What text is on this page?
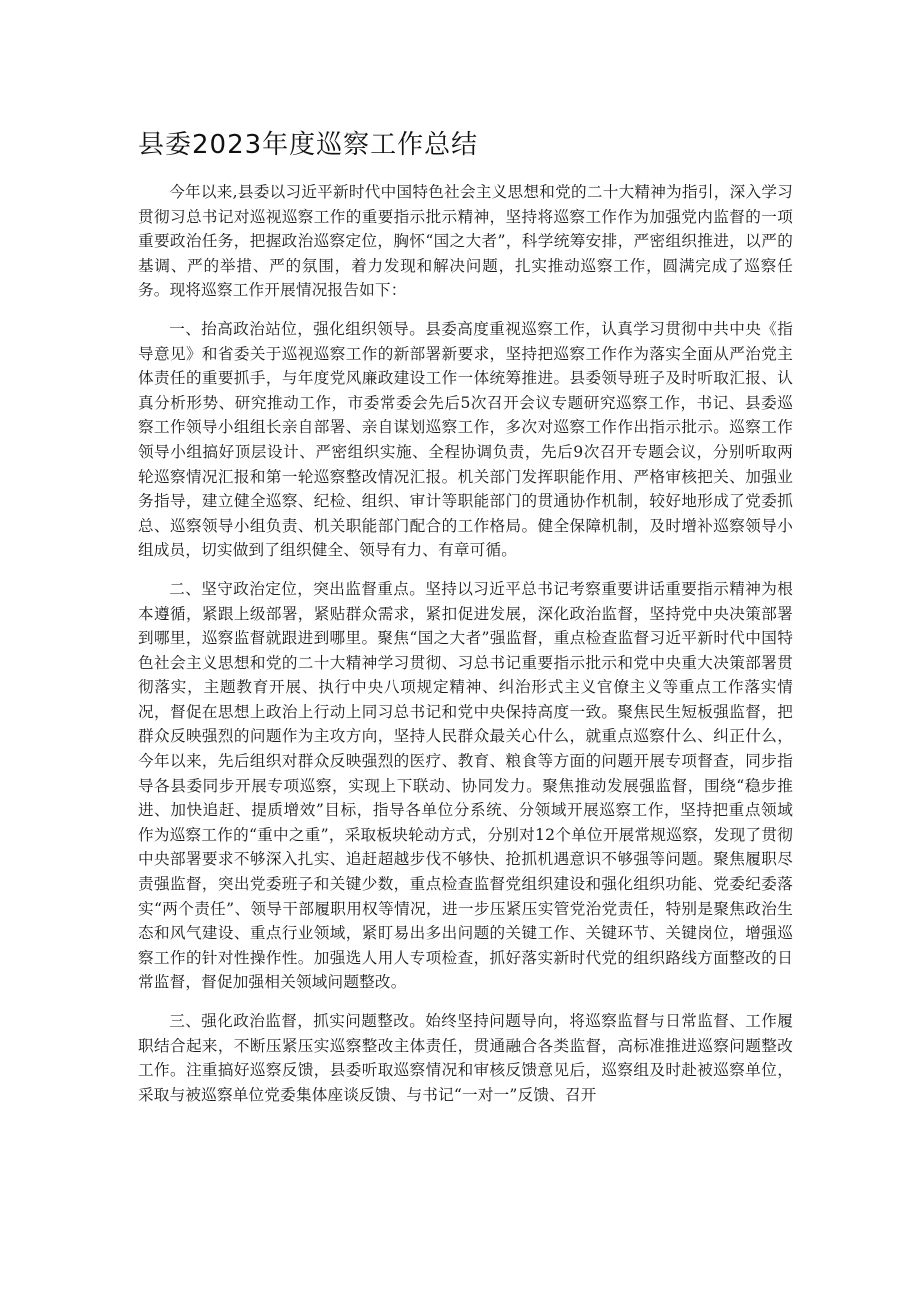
县委2023年度巡察工作总结

今年以来,县委以习近平新时代中国特色社会主义思想和党的二十大精神为指引，深入学习贯彻习总书记对巡视巡察工作的重要指示批示精神，坚持将巡察工作作为加强党内监督的一项重要政治任务，把握政治巡察定位，胸怀“国之大者”，科学统筹安排，严密组织推进，以严的基调、严的举措、严的氛围，着力发现和解决问题，扎实推动巡察工作，圆满完成了巡察任务。现将巡察工作开展情况报告如下：

一、抬高政治站位，强化组织领导。县委高度重视巡察工作，认真学习贯彻中共中央《指导意见》和省委关于巡视巡察工作的新部署新要求，坚持把巡察工作作为落实全面从严治党主体责任的重要抓手，与年度党风廉政建设工作一体统筹推进。县委领导班子及时听取汇报、认真分析形势、研究推动工作，市委常委会先后5次召开会议专题研究巡察工作，书记、县委巡察工作领导小组组长亲自部署、亲自谋划巡察工作，多次对巡察工作作出指示批示。巡察工作领导小组搞好顶层设计、严密组织实施、全程协调负责，先后9次召开专题会议，分别听取两轮巡察情况汇报和第一轮巡察整改情况汇报。机关部门发挥职能作用、严格审核把关、加强业务指导，建立健全巡察、纪检、组织、审计等职能部门的贯通协作机制，较好地形成了党委抓总、巡察领导小组负责、机关职能部门配合的工作格局。健全保障机制，及时增补巡察领导小组成员，切实做到了组织健全、领导有力、有章可循。

二、坚守政治定位，突出监督重点。坚持以习近平总书记考察重要讲话重要指示精神为根本遵循，紧跟上级部署，紧贴群众需求，紧扣促进发展，深化政治监督，坚持党中央决策部署到哪里，巡察监督就跟进到哪里。聚焦“国之大者”强监督，重点检查监督习近平新时代中国特色社会主义思想和党的二十大精神学习贯彻、习总书记重要指示批示和党中央重大决策部署贯彻落实，主题教育开展、执行中央八项规定精神、纠治形式主义官僚主义等重点工作落实情况，督促在思想上政治上行动上同习总书记和党中央保持高度一致。聚焦民生短板强监督，把群众反映强烈的问题作为主攻方向，坚持人民群众最关心什么，就重点巡察什么、纠正什么，今年以来，先后组织对群众反映强烈的医疗、教育、粮食等方面的问题开展专项督查，同步指导各县委同步开展专项巡察，实现上下联动、协同发力。聚焦推动发展强监督，围绕“稳步推进、加快追赶、提质增效”目标，指导各单位分系统、分领域开展巡察工作，坚持把重点领域作为巡察工作的“重中之重”，采取板块轮动方式，分别对12个单位开展常规巡察，发现了贯彻中央部署要求不够深入扎实、追赶超越步伐不够快、抢抓机遇意识不够强等问题。聚焦履职尽责强监督，突出党委班子和关键少数，重点检查监督党组织建设和强化组织功能、党委纪委落实“两个责任”、领导干部履职用权等情况，进一步压紧压实管党治党责任，特别是聚焦政治生态和风气建设、重点行业领域，紧盯易出多出问题的关键工作、关键环节、关键岗位，增强巡察工作的针对性操作性。加强选人用人专项检查，抓好落实新时代党的组织路线方面整改的日常监督，督促加强相关领域问题整改。

三、强化政治监督，抓实问题整改。始终坚持问题导向，将巡察监督与日常监督、工作履职结合起来，不断压紧压实巡察整改主体责任，贯通融合各类监督，高标准推进巡察问题整改工作。注重搞好巡察反馈，县委听取巡察情况和审核反馈意见后，巡察组及时赴被巡察单位，采取与被巡察单位党委集体座谈反馈、与书记“一对一”反馈、召开
